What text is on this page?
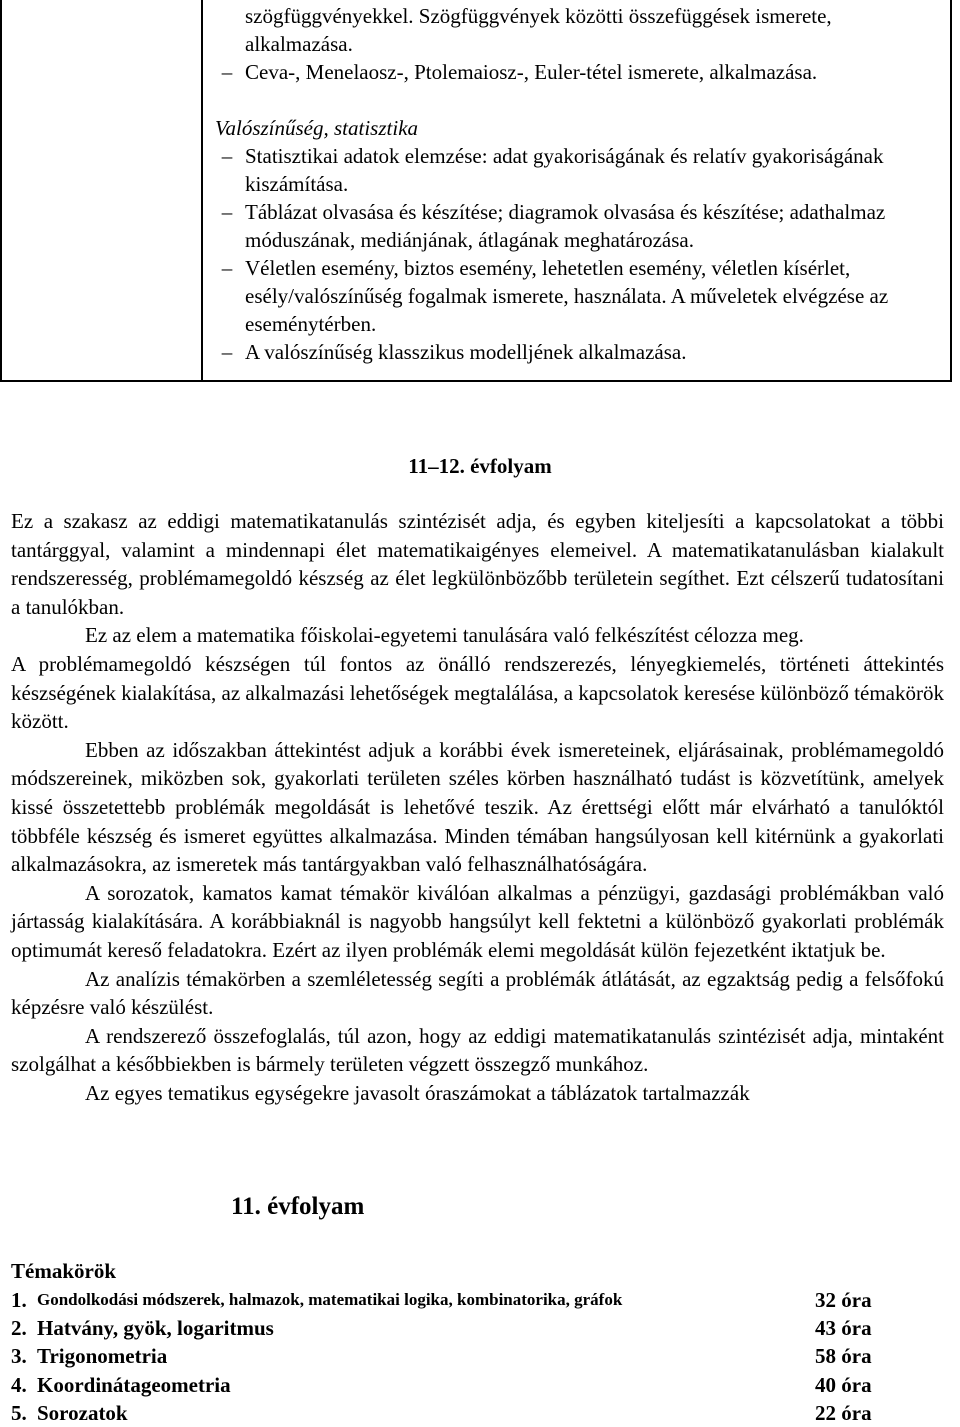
szögfüggvényekkel. Szögfüggvények közötti összefüggések ismerete,

alkalmazása.

– Ceva-, Menelaosz-, Ptolemaiosz-, Euler-tétel ismerete, alkalmazása.

Valószínűség, statisztika

– Statisztikai adatok elemzése: adat gyakoriságának és relatív gyakoriságának kiszámítása.

– Táblázat olvasása és készítése; diagramok olvasása és készítése; adathalmaz móduszának, mediánjának, átlagának meghatározása.

– Véletlen esemény, biztos esemény, lehetetlen esemény, véletlen kísérlet, esély/valószínűség fogalmak ismerete, használata. A műveletek elvégzése az eseménytérben.

– A valószínűség klasszikus modelljének alkalmazása.

11–12. évfolyam

Ez a szakasz az eddigi matematikatanulás szintézisét adja, és egyben kiteljesíti a kapcsolatokat a többi tantárggyal, valamint a mindennapi élet matematikaigényes elemeivel. A matematikatanulásban kialakult rendszeresség, problémamegoldó készség az élet legkülönbözőbb területein segíthet. Ezt célszerű tudatosítani a tanulókban.

Ez az elem a matematika főiskolai-egyetemi tanulására való felkészítést célozza meg.

A problémamegoldó készségen túl fontos az önálló rendszerezés, lényegkiemelés, történeti áttekintés készségének kialakítása, az alkalmazási lehetőségek megtalálása, a kapcsolatok keresése különböző témakörök között.

Ebben az időszakban áttekintést adjuk a korábbi évek ismereteinek, eljárásainak, problémamegoldó módszereinek, miközben sok, gyakorlati területen széles körben használható tudást is közvetítünk, amelyek kissé összetettebb problémák megoldását is lehetővé teszik. Az érettségi előtt már elvárható a tanulóktól többféle készség és ismeret együttes alkalmazása. Minden témában hangsúlyosan kell kitérnünk a gyakorlati alkalmazásokra, az ismeretek más tantárgyakban való felhasználhatóságára.

A sorozatok, kamatos kamat témakör kiválóan alkalmas a pénzügyi, gazdasági problémákban való jártasság kialakítására. A korábbiaknál is nagyobb hangsúlyt kell fektetni a különböző gyakorlati problémák optimumát kereső feladatokra. Ezért az ilyen problémák elemi megoldását külön fejezetként iktatjuk be.

Az analízis témakörben a szemléletesség segíti a problémák átlátását, az egzaktság pedig a felsőfokú képzésre való készülést.

A rendszerező összefoglalás, túl azon, hogy az eddigi matematikatanulás szintézisét adja, mintaként szolgálhat a későbbiekben is bármely területen végzett összegző munkához.

Az egyes tematikus egységekre javasolt óraszámokat a táblázatok tartalmazzák

11. évfolyam
Témakörök
1. Gondolkodási módszerek, halmazok, matematikai logika, kombinatorika, gráfok	32 óra
2. Hatvány, gyök, logaritmus	43 óra
3. Trigonometria	58 óra
4. Koordinátageometria	40 óra
5. Sorozatok	22 óra
